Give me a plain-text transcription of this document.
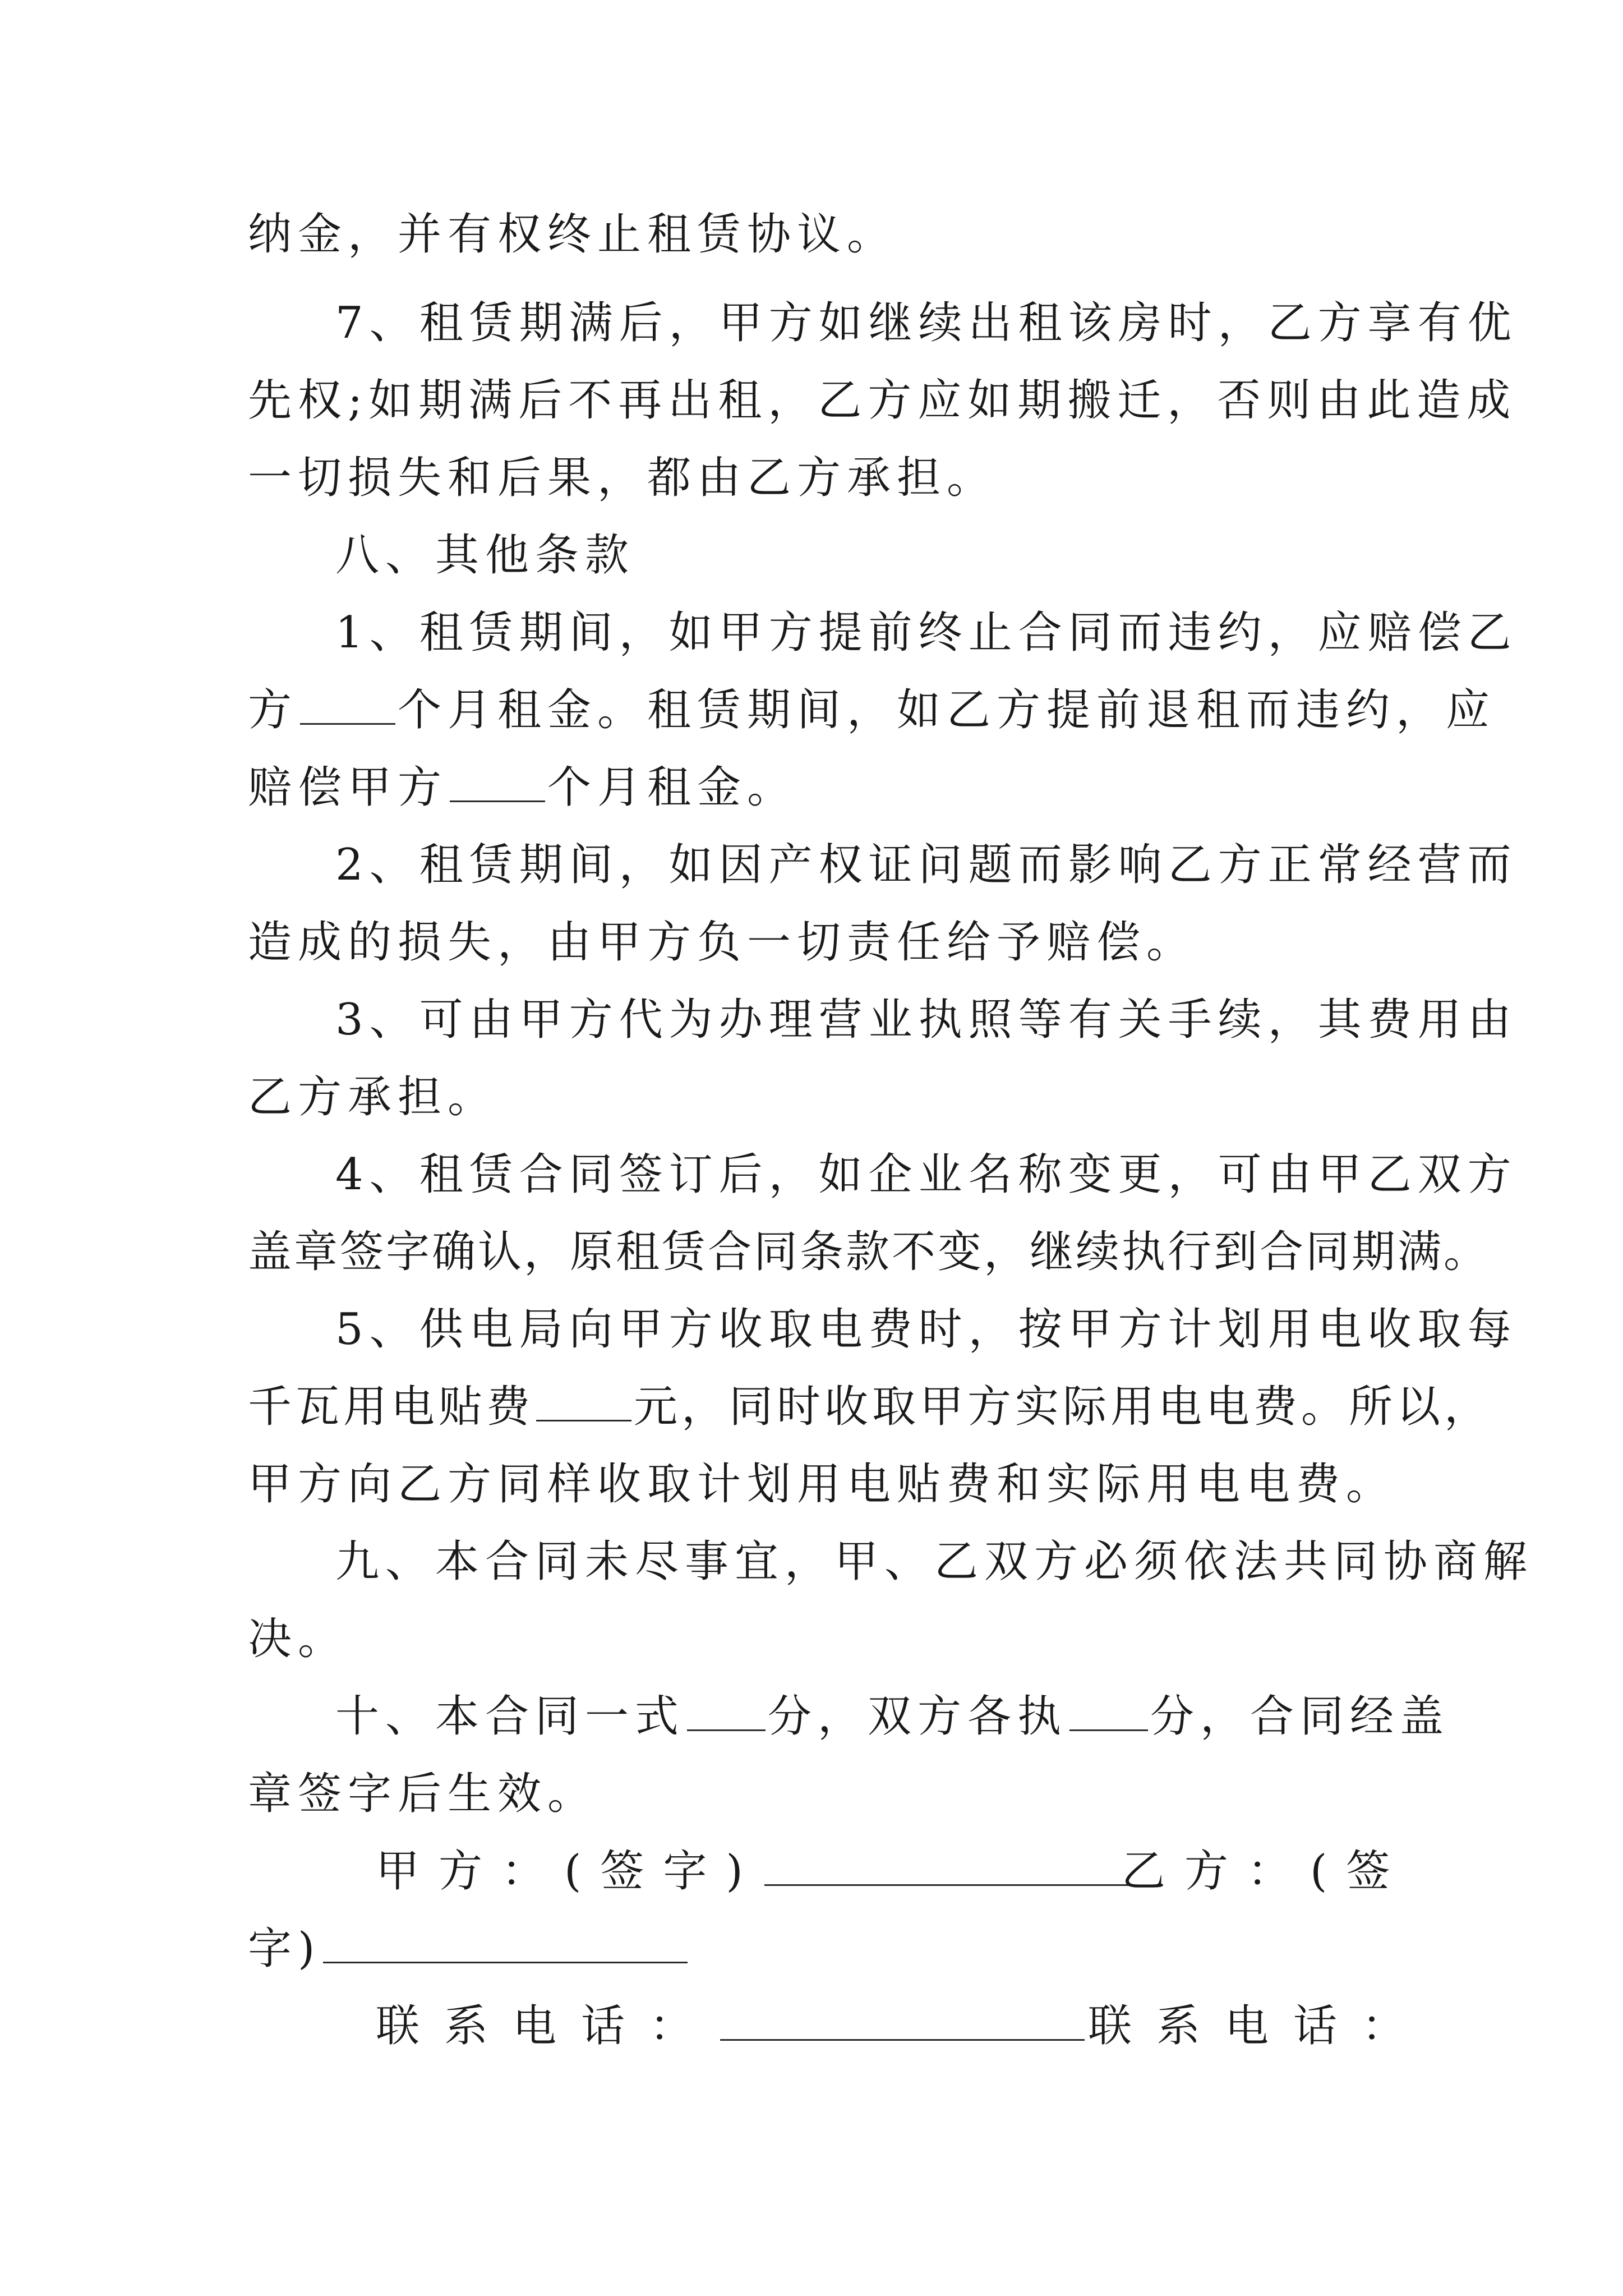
纳金，并有权终止租赁协议。
7、租赁期满后，甲方如继续出租该房时，乙方享有优
先权;如期满后不再出租，乙方应如期搬迁，否则由此造成
一切损失和后果，都由乙方承担。
八、其他条款
1、租赁期间，如甲方提前终止合同而违约，应赔偿乙
方 个月租金。租赁期间，如乙方提前退租而违约，应
赔偿甲方 个月租金。
2、租赁期间，如因产权证问题而影响乙方正常经营而
造成的损失，由甲方负一切责任给予赔偿。
3、可由甲方代为办理营业执照等有关手续，其费用由
乙方承担。
4、租赁合同签订后，如企业名称变更，可由甲乙双方
盖章签字确认，原租赁合同条款不变，继续执行到合同期满。
5、供电局向甲方收取电费时，按甲方计划用电收取每
千瓦用电贴费 元，同时收取甲方实际用电电费。所以，
甲方向乙方同样收取计划用电贴费和实际用电电费。
九、本合同未尽事宜，甲、乙双方必须依法共同协商解
决。
十、本合同一式 分，双方各执 分，合同经盖
章签字后生效。
甲方：(签字)	乙方：(签
字)
联系电话：	联系电话：
